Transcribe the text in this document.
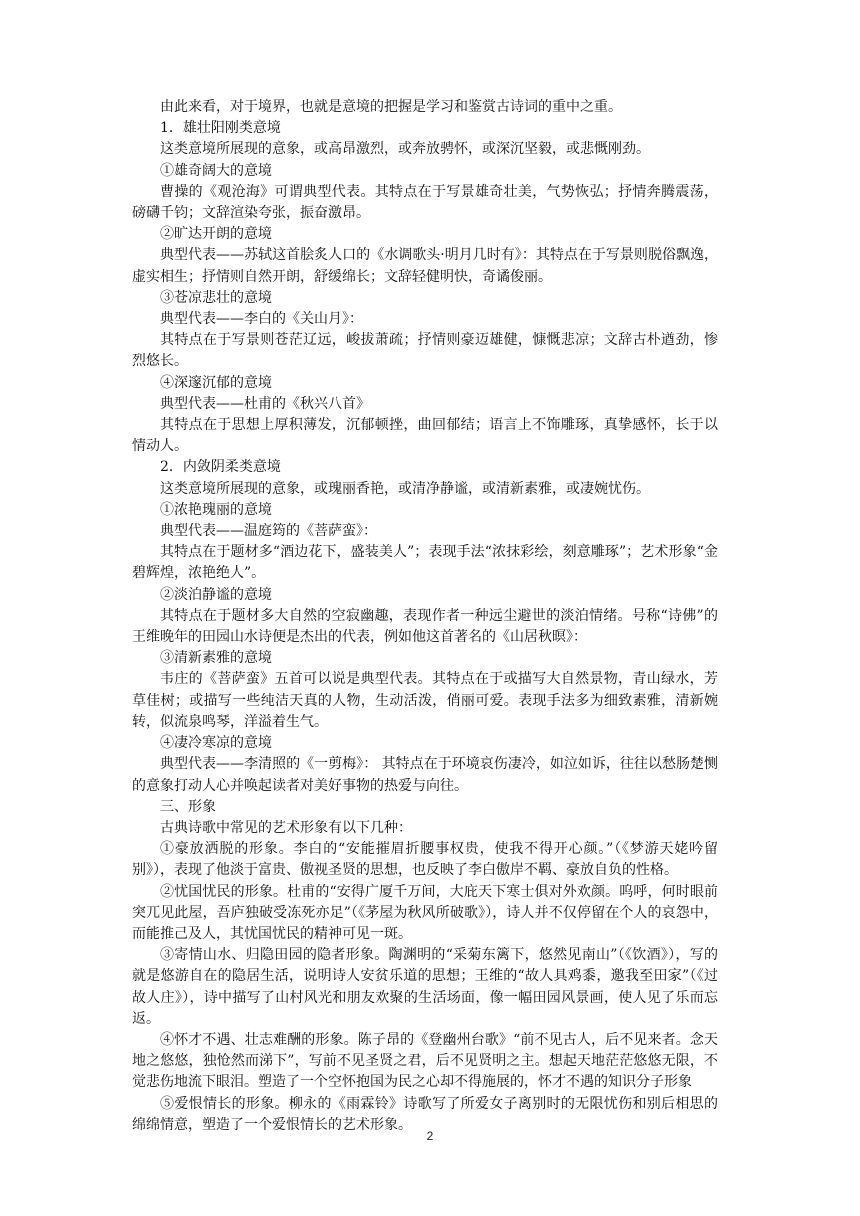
由此来看，对于境界，也就是意境的把握是学习和鉴赏古诗词的重中之重。

1．雄壮阳刚类意境

这类意境所展现的意象，或高昂激烈，或奔放骋怀，或深沉坚毅，或悲慨刚劲。

①雄奇阔大的意境

曹操的《观沧海》可谓典型代表。其特点在于写景雄奇壮美，气势恢弘；抒情奔腾震荡，磅礴千钧；文辞渲染夸张，振奋激昂。

②旷达开朗的意境

典型代表——苏轼这首脍炙人口的《水调歌头·明月几时有》：其特点在于写景则脱俗飘逸，虚实相生；抒情则自然开朗，舒缓绵长；文辞轻健明快，奇谲俊丽。

③苍凉悲壮的意境

典型代表——李白的《关山月》：

其特点在于写景则苍茫辽远，峻拔萧疏；抒情则豪迈雄健，慷慨悲凉；文辞古朴遒劲，惨烈悠长。

④深邃沉郁的意境

典型代表——杜甫的《秋兴八首》

其特点在于思想上厚积薄发，沉郁顿挫，曲回郁结；语言上不饰雕琢，真挚感怀，长于以情动人。

2．内敛阴柔类意境

这类意境所展现的意象，或瑰丽香艳，或清净静谧，或清新素雅，或凄婉忧伤。

①浓艳瑰丽的意境

典型代表——温庭筠的《菩萨蛮》：

其特点在于题材多“酒边花下，盛装美人”；表现手法“浓抹彩绘，刻意雕琢”；艺术形象“金碧辉煌，浓艳绝人”。

②淡泊静谧的意境

其特点在于题材多大自然的空寂幽趣，表现作者一种远尘避世的淡泊情绪。号称“诗佛”的王维晚年的田园山水诗便是杰出的代表，例如他这首著名的《山居秋暝》：

③清新素雅的意境

韦庄的《菩萨蛮》五首可以说是典型代表。其特点在于或描写大自然景物，青山绿水，芳草佳树；或描写一些纯洁天真的人物，生动活泼，俏丽可爱。表现手法多为细致素雅，清新婉转，似流泉鸣琴，洋溢着生气。

④凄冷寒凉的意境

典型代表——李清照的《一剪梅》： 其特点在于环境哀伤凄冷，如泣如诉，往往以愁肠楚恻的意象打动人心并唤起读者对美好事物的热爱与向往。

三、形象

古典诗歌中常见的艺术形象有以下几种：

①豪放洒脱的形象。李白的“安能摧眉折腰事权贵，使我不得开心颜。”（《梦游天姥吟留别》），表现了他淡于富贵、傲视圣贤的思想，也反映了李白傲岸不羁、豪放自负的性格。

②忧国忧民的形象。杜甫的“安得广厦千万间，大庇天下寒士俱对外欢颜。呜呼，何时眼前突兀见此屋，吾庐独破受冻死亦足”（《茅屋为秋风所破歌》），诗人并不仅停留在个人的哀怨中，而能推己及人，其忧国忧民的精神可见一斑。

③寄情山水、归隐田园的隐者形象。陶渊明的“采菊东篱下，悠然见南山”（《饮酒》），写的就是悠游自在的隐居生活，说明诗人安贫乐道的思想；王维的“故人具鸡黍，邀我至田家”（《过故人庄》），诗中描写了山村风光和朋友欢聚的生活场面，像一幅田园风景画，使人见了乐而忘返。

④怀才不遇、壮志难酬的形象。陈子昂的《登幽州台歌》“前不见古人，后不见来者。念天地之悠悠，独怆然而涕下”，写前不见圣贤之君，后不见贤明之主。想起天地茫茫悠悠无限，不觉悲伤地流下眼泪。塑造了一个空怀抱国为民之心却不得施展的，怀才不遇的知识分子形象

⑤爱恨情长的形象。柳永的《雨霖铃》诗歌写了所爱女子离别时的无限忧伤和别后相思的绵绵情意，塑造了一个爱恨情长的艺术形象。

2
